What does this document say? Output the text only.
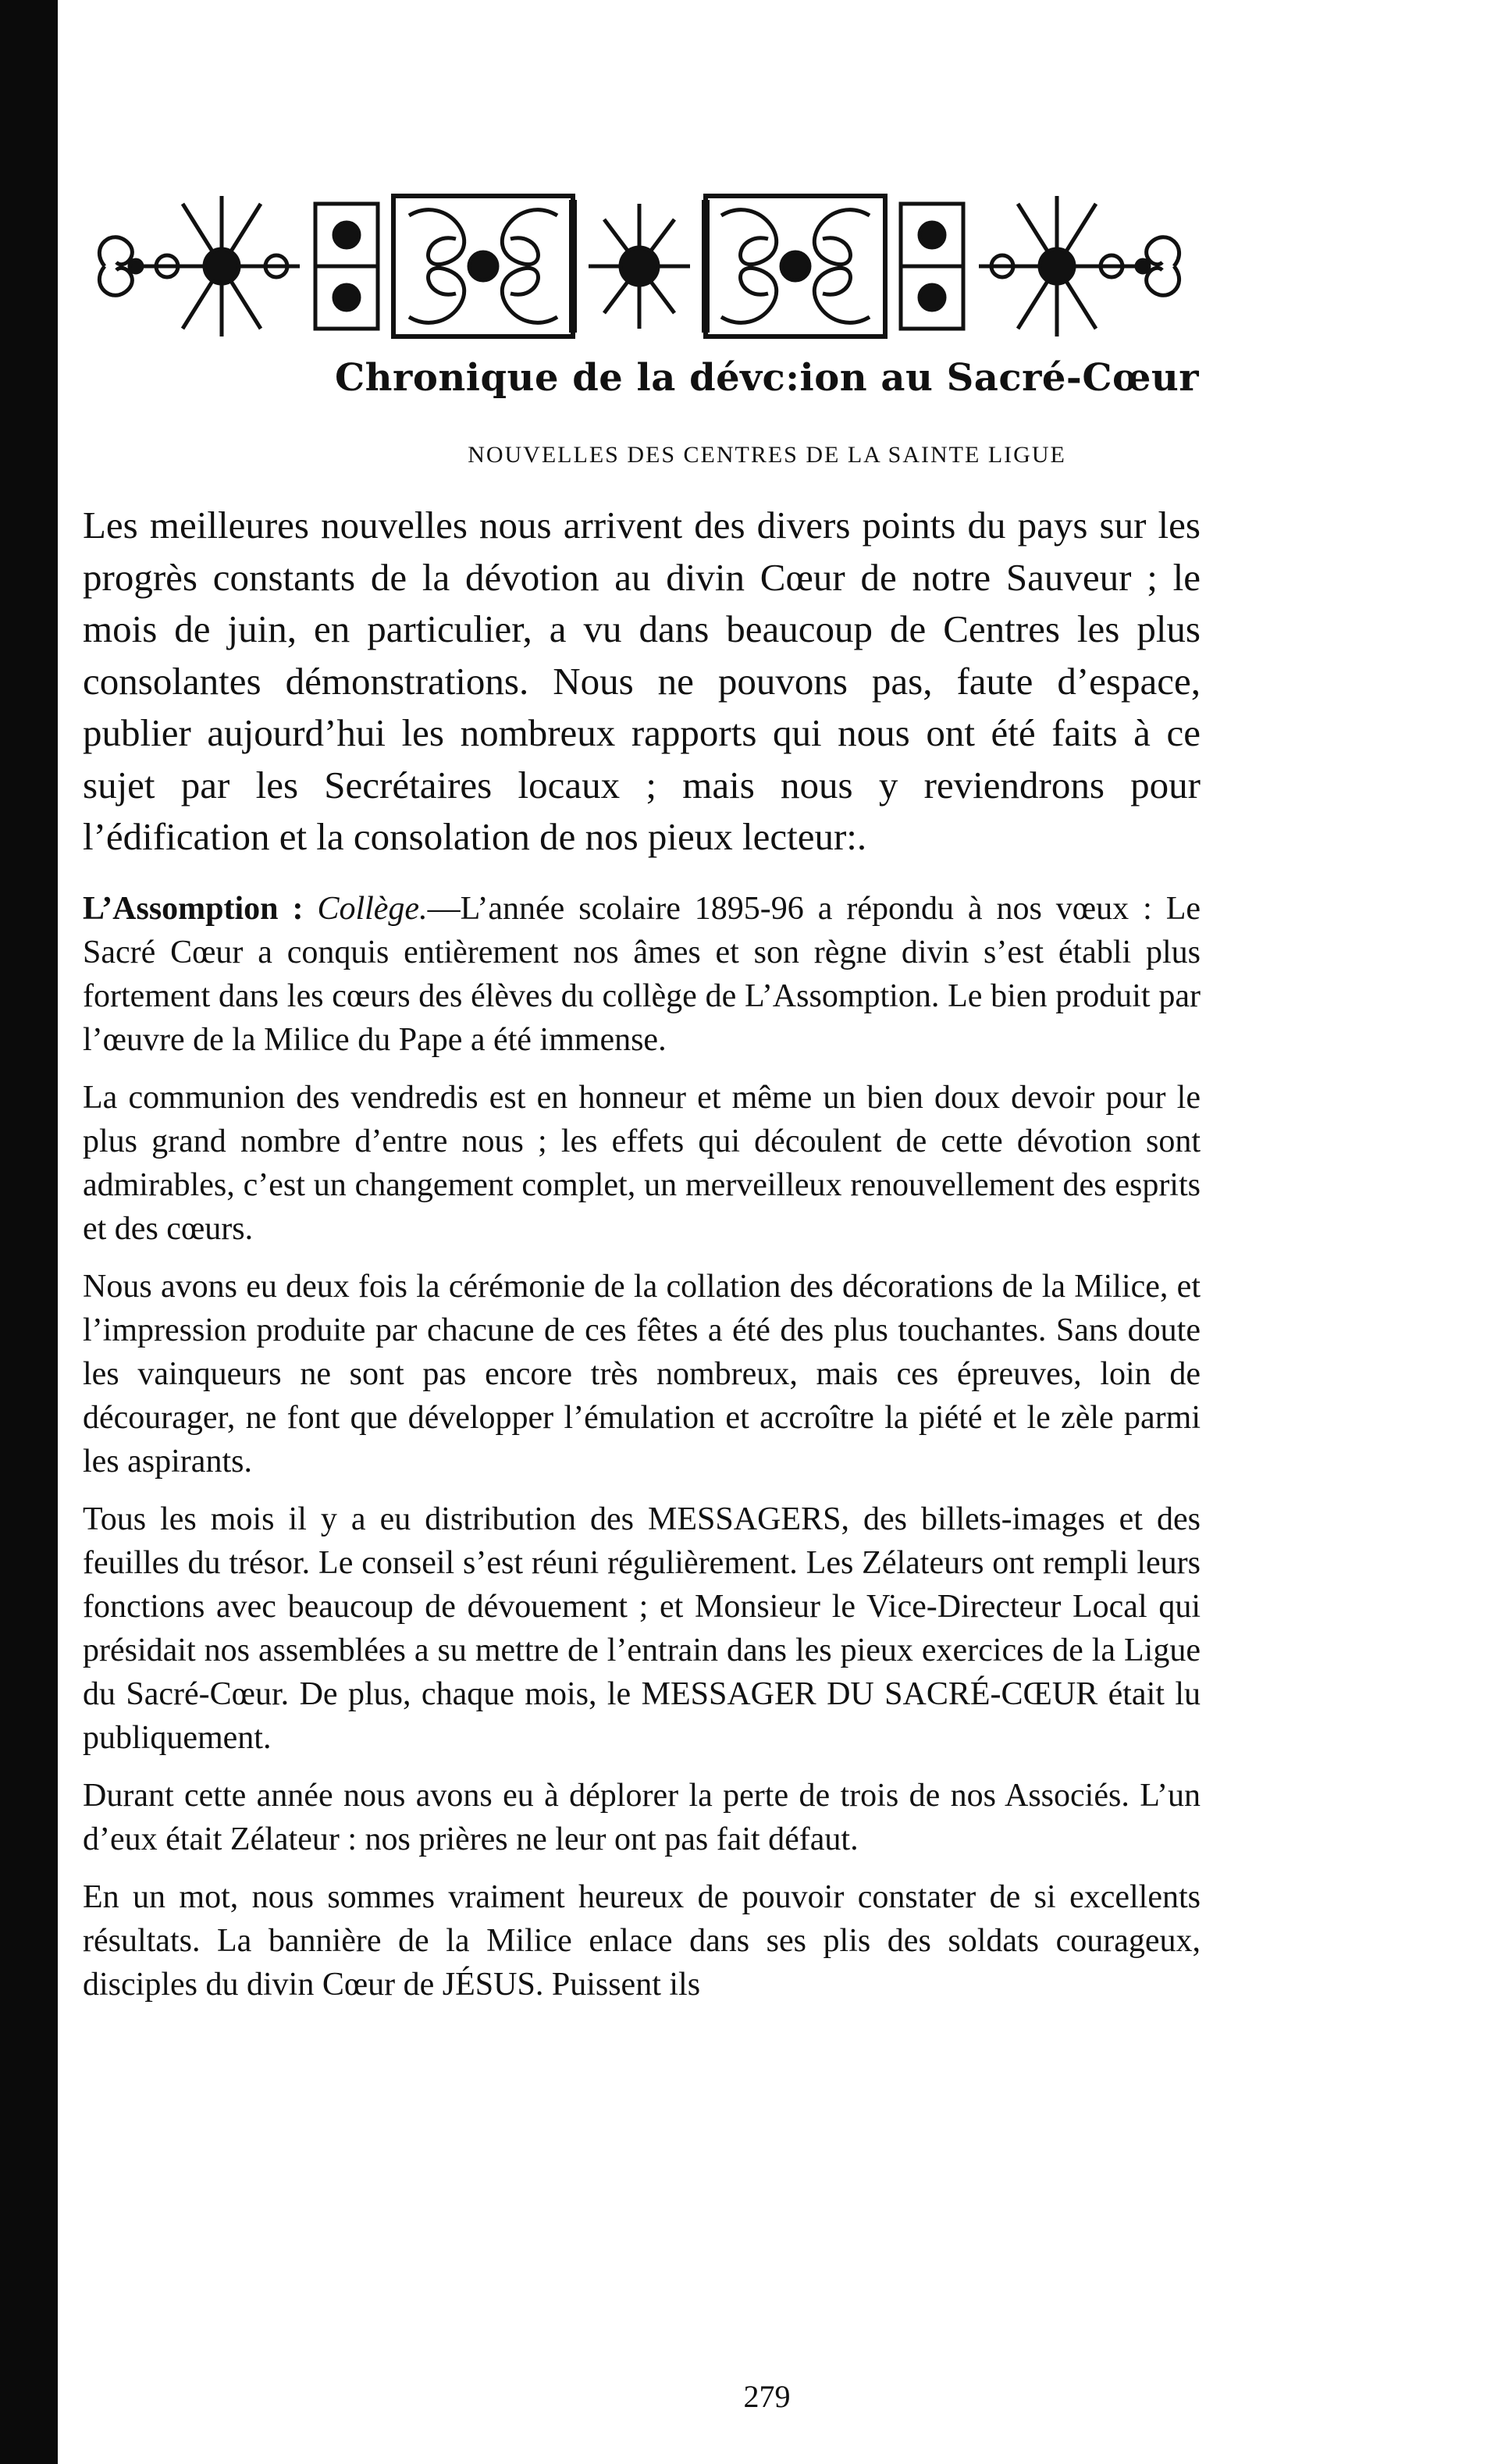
Chronique de la dévc:ion au Sacré-Cœur

NOUVELLES DES CENTRES DE LA SAINTE LIGUE

Les meilleures nouvelles nous arrivent des divers points du pays sur les progrès constants de la dévotion au divin Cœur de notre Sauveur ; le mois de juin, en particulier, a vu dans beaucoup de Centres les plus consolantes démonstrations. Nous ne pouvons pas, faute d’espace, publier aujourd’hui les nombreux rapports qui nous ont été faits à ce sujet par les Secrétaires locaux ; mais nous y reviendrons pour l’édification et la consolation de nos pieux lecteur:.

L’Assomption : Collège.—L’année scolaire 1895-96 a répondu à nos vœux : Le Sacré Cœur a conquis entièrement nos âmes et son règne divin s’est établi plus fortement dans les cœurs des élèves du collège de L’Assomption. Le bien produit par l’œuvre de la Milice du Pape a été immense.

La communion des vendredis est en honneur et même un bien doux devoir pour le plus grand nombre d’entre nous ; les effets qui découlent de cette dévotion sont admirables, c’est un changement complet, un merveilleux renouvellement des esprits et des cœurs.

Nous avons eu deux fois la cérémonie de la collation des décorations de la Milice, et l’impression produite par chacune de ces fêtes a été des plus touchantes. Sans doute les vainqueurs ne sont pas encore très nombreux, mais ces épreuves, loin de décourager, ne font que développer l’émulation et accroître la piété et le zèle parmi les aspirants.

Tous les mois il y a eu distribution des MESSAGERS, des billets-images et des feuilles du trésor. Le conseil s’est réuni régulièrement. Les Zélateurs ont rempli leurs fonctions avec beaucoup de dévouement ; et Monsieur le Vice-Directeur Local qui présidait nos assemblées a su mettre de l’entrain dans les pieux exercices de la Ligue du Sacré-Cœur. De plus, chaque mois, le MESSAGER DU SACRÉ-CŒUR était lu publiquement.

Durant cette année nous avons eu à déplorer la perte de trois de nos Associés. L’un d’eux était Zélateur : nos prières ne leur ont pas fait défaut.

En un mot, nous sommes vraiment heureux de pouvoir constater de si excellents résultats. La bannière de la Milice enlace dans ses plis des soldats courageux, disciples du divin Cœur de JÉSUS. Puissent ils

279
